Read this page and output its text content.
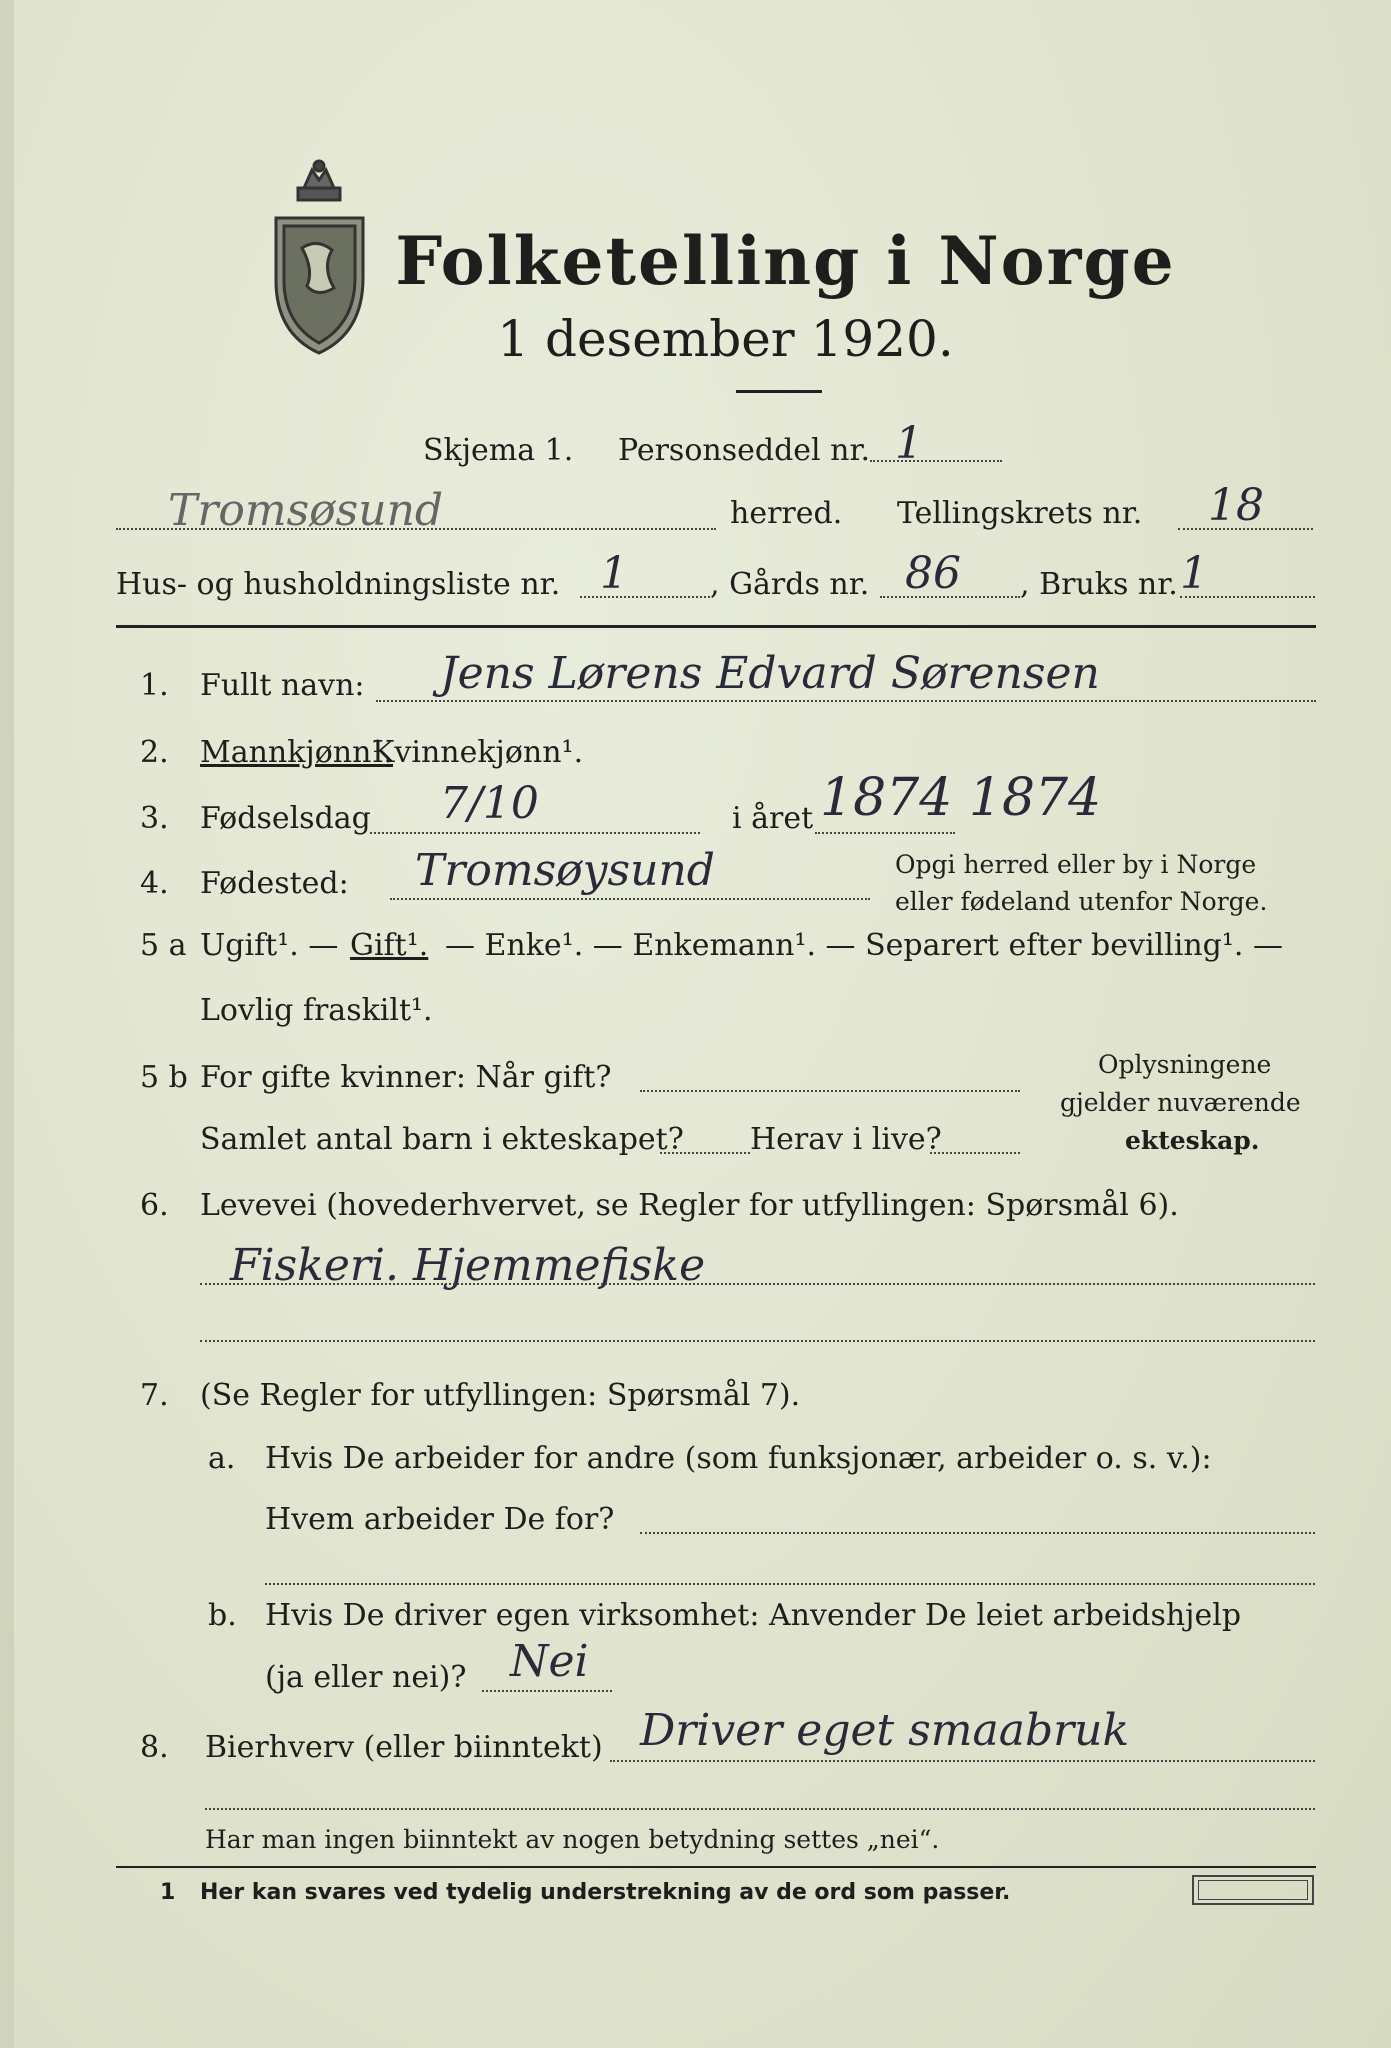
Folketelling i Norge
1 desember 1920.
Skjema 1. Personseddel nr. 1
Tromsøsund	herred. Tellingskrets nr. 18
Hus- og husholdningsliste nr. 1	, Gårds nr. 86 , Bruks nr. 1
1. Fullt navn: Jens Lørens Edvard Sørensen
2. Mannkjønn¹.
Kvinnekjønn¹.
3. Fødselsdag 7/10	i året 1874 1874
4. Fødested: Tromsøysund	Opgi herred eller by i Norge
eller fødeland utenfor Norge.
5 a Ugift¹. — Gift¹. — Enke¹. — Enkemann¹. — Separert efter bevilling¹. —
Lovlig fraskilt¹.
5 b For gifte kvinner: Når gift?
Samlet antal barn i ekteskapet? Herav i live?
Oplysningene
gjelder nuværende
ekteskap.
6. Levevei (hovederhvervet, se Regler for utfyllingen: Spørsmål 6).
Fiskeri. Hjemmefiske
7. (Se Regler for utfyllingen: Spørsmål 7).
a. Hvis De arbeider for andre (som funksjonær, arbeider o. s. v.):
Hvem arbeider De for?
b. Hvis De driver egen virksomhet: Anvender De leiet arbeidshjelp
(ja eller nei)? Nei
8. Bierhverv (eller biinntekt) Driver eget smaabruk
Har man ingen biinntekt av nogen betydning settes „nei“.
1 Her kan svares ved tydelig understrekning av de ord som passer.
